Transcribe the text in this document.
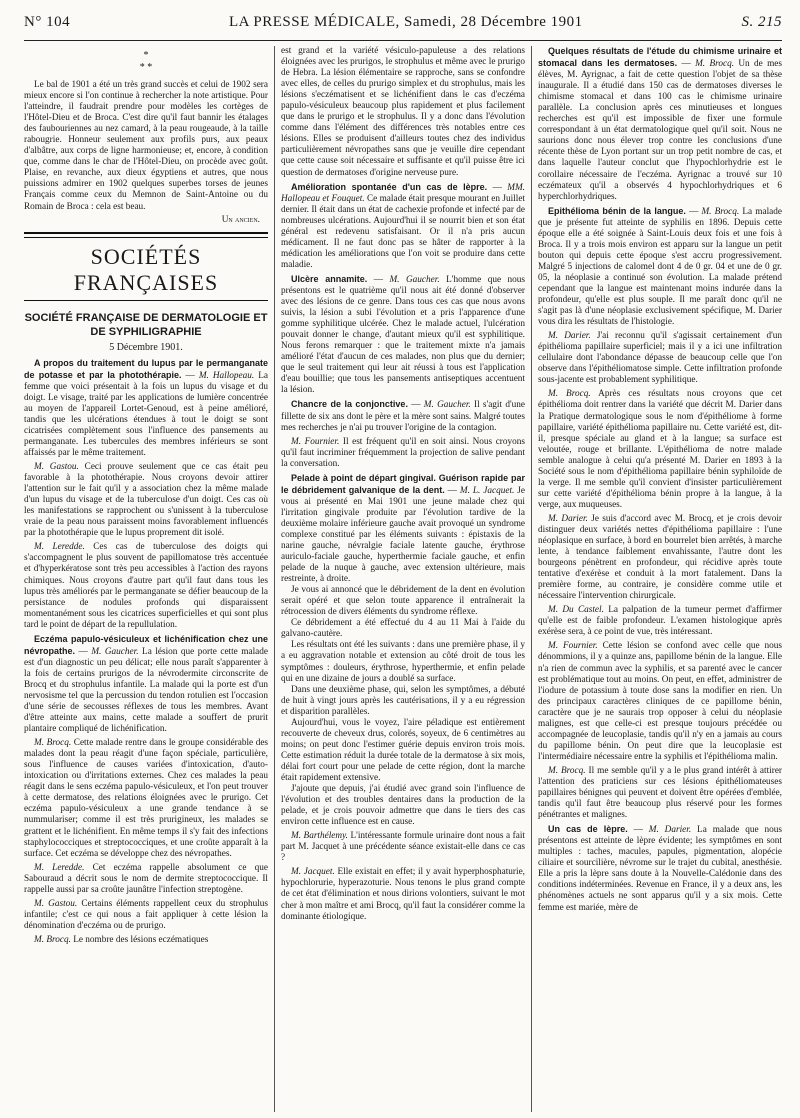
N° 104	LA PRESSE MÉDICALE, Samedi, 28 Décembre 1901	S. 215
*
* *

Le bal de 1901 a été un très grand succès et celui de 1902 sera mieux encore si l'on continue à rechercher la note artistique. Pour l'atteindre, il faudrait prendre pour modèles les cortèges de l'Hôtel-Dieu et de Broca. C'est dire qu'il faut bannir les étalages des faubouriennes au nez camard, à la peau rougeaude, à la taille rabougrie. Honneur seulement aux profils purs, aux peaux d'albâtre, aux corps de ligne harmonieuse; et, encore, à condition que, comme dans le char de l'Hôtel-Dieu, on procède avec goût. Plaise, en revanche, aux dieux égyptiens et autres, que nous puissions admirer en 1902 quelques superbes torses de jeunes Français comme ceux du Memnon de Saint-Antoine ou du Romain de Broca : cela est beau.

Un ancien.
SOCIÉTÉS FRANÇAISES
SOCIÉTÉ FRANÇAISE DE DERMATOLOGIE ET DE SYPHILIGRAPHIE
5 Décembre 1901.

A propos du traitement du lupus par le permanganate de potasse et par la photothérapie. — M. Hallopeau. La femme que voici présentait à la fois un lupus du visage et du doigt. Le visage, traité par les applications de lumière concentrée au moyen de l'appareil Lortet-Genoud, est à peine amélioré, tandis que les ulcérations étendues à tout le doigt se sont cicatrisées complètement sous l'influence des pansements au permanganate. Les tubercules des membres inférieurs se sont affaissés par le même traitement.

M. Gastou. Ceci prouve seulement que ce cas était peu favorable à la photothérapie. Nous croyons devoir attirer l'attention sur le fait qu'il y a association chez la même malade d'un lupus du visage et de la tuberculose d'un doigt. Ces cas où les manifestations se rapprochent ou s'unissent à la tuberculose vraie de la peau nous paraissent moins favorablement influencés par la photothérapie que le lupus proprement dit isolé.

M. Leredde. Ces cas de tuberculose des doigts qui s'accompagnent le plus souvent de papillomatose très accentuée et d'hyperkératose sont très peu accessibles à l'action des rayons chimiques. Nous croyons d'autre part qu'il faut dans tous les lupus très améliorés par le permanganate se défier beaucoup de la persistance de nodules profonds qui disparaissent momentanément sous les cicatrices superficielles et qui sont plus tard le point de départ de la repullulation.

Eczéma papulo-vésiculeux et lichénification chez une névropathe. — M. Gaucher. La lésion que porte cette malade est d'un diagnostic un peu délicat; elle nous paraît s'apparenter à la fois de certains prurigos de la névrodermite circonscrite de Brocq et du strophulus infantile. La malade qui la porte est d'un nervosisme tel que la percussion du tendon rotulien est l'occasion d'une série de secousses réflexes de tous les membres. Avant d'être atteinte aux mains, cette malade a souffert de prurit plantaire compliqué de lichénification.

M. Brocq. Cette malade rentre dans le groupe considérable des malades dont la peau réagit d'une façon spéciale, particulière, sous l'influence de causes variées d'intoxication, d'auto-intoxication ou d'irritations externes. Chez ces malades la peau réagit dans le sens eczéma papulo-vésiculeux, et l'on peut trouver à cette dermatose, des relations éloignées avec le prurigo. Cet eczéma papulo-vésiculeux a une grande tendance à se nummulariser; comme il est très prurigineux, les malades se grattent et le lichénifient. En même temps il s'y fait des infections staphylococciques et streptococciques, et une croûte apparaît à la surface. Cet eczéma se développe chez des névropathes.

M. Leredde. Cet eczéma rappelle absolument ce que Sabouraud a décrit sous le nom de dermite streptococcique. Il rappelle aussi par sa croûte jaunâtre l'infection streptogène.

M. Gastou. Certains éléments rappellent ceux du strophulus infantile; c'est ce qui nous a fait appliquer à cette lésion la dénomination d'eczéma ou de prurigo.

M. Brocq. Le nombre des lésions eczématiques

est grand et la variété vésiculo-papuleuse a des relations éloignées avec les prurigos, le strophulus et même avec le prurigo de Hebra. La lésion élémentaire se rapproche, sans se confondre avec elles, de celles du prurigo simplex et du strophulus, mais les lésions s'eczématisent et se lichénifient dans le cas d'eczéma papulo-vésiculeux beaucoup plus rapidement et plus facilement que dans le prurigo et le strophulus. Il y a donc dans l'évolution comme dans l'élément des différences très notables entre ces lésions. Elles se produisent d'ailleurs toutes chez des individus particulièrement névropathes sans que je veuille dire cependant que cette cause soit nécessaire et suffisante et qu'il puisse être ici question de dermatoses d'origine nerveuse pure.

Amélioration spontanée d'un cas de lèpre. — MM. Hallopeau et Fouquet. Ce malade était presque mourant en Juillet dernier. Il était dans un état de cachexie profonde et infecté par de nombreuses ulcérations. Aujourd'hui il se nourrit bien et son état général est redevenu satisfaisant. Or il n'a pris aucun médicament. Il ne faut donc pas se hâter de rapporter à la médication les améliorations que l'on voit se produire dans cette maladie.

Ulcère annamite. — M. Gaucher. L'homme que nous présentons est le quatrième qu'il nous ait été donné d'observer avec des lésions de ce genre. Dans tous ces cas que nous avons suivis, la lésion a subi l'évolution et a pris l'apparence d'une gomme syphilitique ulcérée. Chez le malade actuel, l'ulcération pouvait donner le change, d'autant mieux qu'il est syphilitique. Nous ferons remarquer : que le traitement mixte n'a jamais amélioré l'état d'aucun de ces malades, non plus que du dernier; que le seul traitement qui leur ait réussi à tous est l'application d'eau bouillie; que tous les pansements antiseptiques accentuent la lésion.

Chancre de la conjonctive. — M. Gaucher. Il s'agit d'une fillette de six ans dont le père et la mère sont sains. Malgré toutes mes recherches je n'ai pu trouver l'origine de la contagion.

M. Fournier. Il est fréquent qu'il en soit ainsi. Nous croyons qu'il faut incriminer fréquemment la projection de salive pendant la conversation.

Pelade à point de départ gingival. Guérison rapide par le débridement galvanique de la dent. — M. L. Jacquet. Je vous ai présenté en Mai 1901 une jeune malade chez qui l'irritation gingivale produite par l'évolution tardive de la deuxième molaire inférieure gauche avait provoqué un syndrome complexe constitué par les éléments suivants : épistaxis de la narine gauche, névralgie faciale latente gauche, érythrose auriculo-faciale gauche, hyperthermie faciale gauche, et enfin pelade de la nuque à gauche, avec extension ultérieure, mais restreinte, à droite.

Je vous ai annoncé que le débridement de la dent en évolution serait opéré et que selon toute apparence il entraînerait la rétrocession de divers éléments du syndrome réflexe.

Ce débridement a été effectué du 4 au 11 Mai à l'aide du galvano-cautère.

Les résultats ont été les suivants : dans une première phase, il y a eu aggravation notable et extension au côté droit de tous les symptômes : douleurs, érythrose, hyperthermie, et enfin pelade qui en une dizaine de jours a doublé sa surface.

Dans une deuxième phase, qui, selon les symptômes, a débuté de huit à vingt jours après les cautérisations, il y a eu régression et disparition parallèles.

Aujourd'hui, vous le voyez, l'aire péladique est entièrement recouverte de cheveux drus, colorés, soyeux, de 6 centimètres au moins; on peut donc l'estimer guérie depuis environ trois mois. Cette estimation réduit la durée totale de la dermatose à six mois, délai fort court pour une pelade de cette région, dont la marche était rapidement extensive.

J'ajoute que depuis, j'ai étudié avec grand soin l'influence de l'évolution et des troubles dentaires dans la production de la pelade, et je crois pouvoir admettre que dans le tiers des cas environ cette influence est en cause.

M. Barthélemy. L'intéressante formule urinaire dont nous a fait part M. Jacquet à une précédente séance existait-elle dans ce cas ?

M. Jacquet. Elle existait en effet; il y avait hyperphosphaturie, hypochlorurie, hyperazoturie. Nous tenons le plus grand compte de cet état d'élimination et nous dirions volontiers, suivant le mot cher à mon maître et ami Brocq, qu'il faut la considérer comme la dominante étiologique.

Quelques résultats de l'étude du chimisme urinaire et stomacal dans les dermatoses. — M. Brocq. Un de mes élèves, M. Ayrignac, a fait de cette question l'objet de sa thèse inaugurale. Il a étudié dans 150 cas de dermatoses diverses le chimisme stomacal et dans 100 cas le chimisme urinaire parallèle. La conclusion après ces minutieuses et longues recherches est qu'il est impossible de fixer une formule correspondant à un état dermatologique quel qu'il soit. Nous ne saurions donc nous élever trop contre les conclusions d'une récente thèse de Lyon portant sur un trop petit nombre de cas, et dans laquelle l'auteur conclut que l'hypochlorhydrie est le corollaire nécessaire de l'eczéma. Ayrignac a trouvé sur 10 eczémateux qu'il a observés 4 hypochlorhydriques et 6 hyperchlorhydriques.

Epithélioma bénin de la langue. — M. Brocq. La malade que je présente fut atteinte de syphilis en 1896. Depuis cette époque elle a été soignée à Saint-Louis deux fois et une fois à Broca. Il y a trois mois environ est apparu sur la langue un petit bouton qui depuis cette époque s'est accru progressivement. Malgré 5 injections de calomel dont 4 de 0 gr. 04 et une de 0 gr. 05, la néoplasie a continué son évolution. La malade prétend cependant que la langue est maintenant moins indurée dans la profondeur, qu'elle est plus souple. Il me paraît donc qu'il ne s'agit pas là d'une néoplasie exclusivement spécifique, M. Darier vous dira les résultats de l'histologie.

M. Darier. J'ai reconnu qu'il s'agissait certainement d'un épithélioma papillaire superficiel; mais il y a ici une infiltration cellulaire dont l'abondance dépasse de beaucoup celle que l'on observe dans l'épithéliomatose simple. Cette infiltration profonde sous-jacente est probablement syphilitique.

M. Brocq. Après ces résultats nous croyons que cet épithélioma doit rentrer dans la variété que décrit M. Darier dans la Pratique dermatologique sous le nom d'épithéliome à forme papillaire, variété épithélioma papillaire nu. Cette variété est, dit-il, presque spéciale au gland et à la langue; sa surface est veloutée, rouge et brillante. L'épithélioma de notre malade semble analogue à celui qu'a présenté M. Darier en 1893 à la Société sous le nom d'épithélioma papillaire bénin syphiloïde de la verge. Il me semble qu'il convient d'insister particulièrement sur cette variété d'épithélioma bénin propre à la langue, à la verge, aux muqueuses.

M. Darier. Je suis d'accord avec M. Brocq, et je crois devoir distinguer deux variétés nettes d'épithélioma papillaire : l'une néoplasique en surface, à bord en bourrelet bien arrêtés, à marche lente, à tendance faiblement envahissante, l'autre dont les bourgeons pénètrent en profondeur, qui récidive après toute tentative d'exérèse et conduit à la mort fatalement. Dans la première forme, au contraire, je considère comme utile et nécessaire l'intervention chirurgicale.

M. Du Castel. La palpation de la tumeur permet d'affirmer qu'elle est de faible profondeur. L'examen histologique après exérèse sera, à ce point de vue, très intéressant.

M. Fournier. Cette lésion se confond avec celle que nous dénommions, il y a quinze ans, papillome bénin de la langue. Elle n'a rien de commun avec la syphilis, et sa parenté avec le cancer est problématique tout au moins. On peut, en effet, administrer de l'iodure de potassium à toute dose sans la modifier en rien. Un des principaux caractères cliniques de ce papillome bénin, caractère que je ne saurais trop opposer à celui du néoplasie malignes, est que celle-ci est presque toujours précédée ou accompagnée de leucoplasie, tandis qu'il n'y en a jamais au cours du papillome bénin. On peut dire que la leucoplasie est l'intermédiaire nécessaire entre la syphilis et l'épithélioma malin.

M. Brocq. Il me semble qu'il y a le plus grand intérêt à attirer l'attention des praticiens sur ces lésions épithéliomateuses papillaires bénignes qui peuvent et doivent être opérées d'emblée, tandis qu'il faut être beaucoup plus réservé pour les formes pénétrantes et malignes.

Un cas de lèpre. — M. Darier. La malade que nous présentons est atteinte de lèpre évidente; les symptômes en sont multiples : taches, macules, papules, pigmentation, alopécie ciliaire et sourcilière, névrome sur le trajet du cubital, anesthésie. Elle a pris la lèpre sans doute à la Nouvelle-Calédonie dans des conditions indéterminées. Revenue en France, il y a deux ans, les phénomènes actuels ne sont apparus qu'il y a six mois. Cette femme est mariée, mère de
